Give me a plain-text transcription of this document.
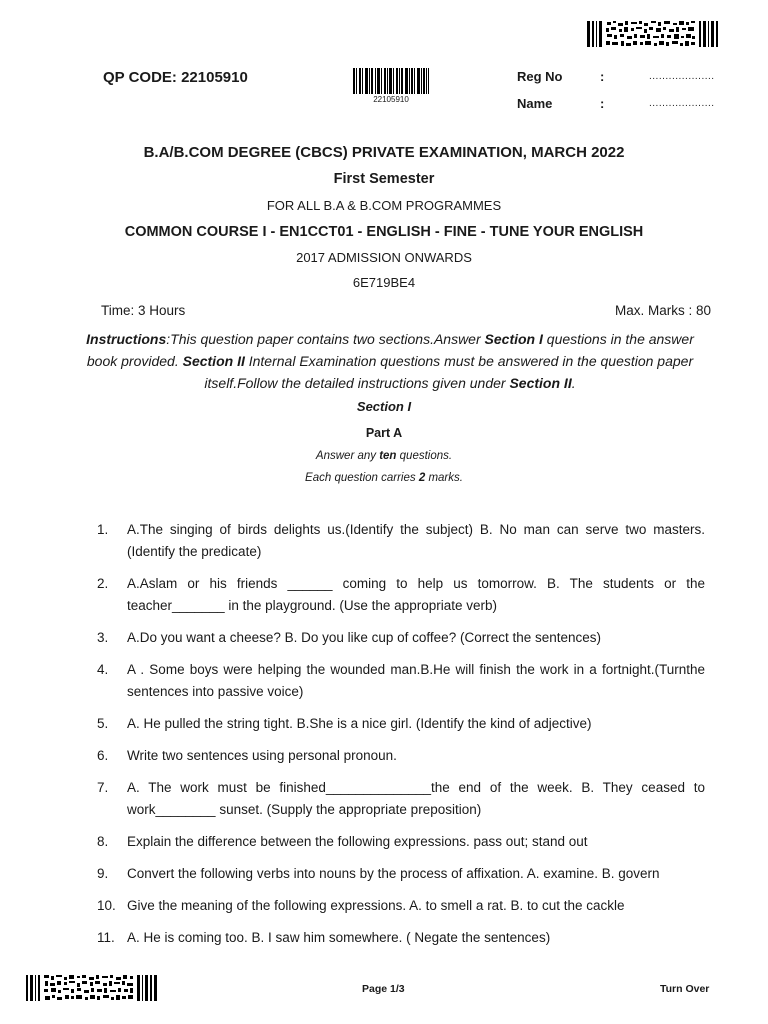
QP CODE: 22105910
22105910
Reg No	:	....................
Name	:	....................
B.A/B.COM DEGREE (CBCS) PRIVATE EXAMINATION, MARCH 2022
First Semester
FOR ALL B.A & B.COM PROGRAMMES
COMMON COURSE I - EN1CCT01 - ENGLISH - FINE - TUNE YOUR ENGLISH
2017 ADMISSION ONWARDS
6E719BE4
Time: 3 Hours	Max. Marks : 80
Instructions:This question paper contains two sections.Answer Section I questions in the answer book provided. Section II Internal Examination questions must be answered in the question paper itself.Follow the detailed instructions given under Section II.
Section I
Part A
Answer any ten questions.
Each question carries 2 marks.
1. A.The singing of birds delights us.(Identify the subject) B. No man can serve two masters.(Identify the predicate)
2. A.Aslam or his friends ______ coming to help us tomorrow. B. The students or the teacher_______ in the playground. (Use the appropriate verb)
3. A.Do you want a cheese? B. Do you like cup of coffee? (Correct the sentences)
4. A . Some boys were helping the wounded man.B.He will finish the work in a fortnight.(Turnthe sentences into passive voice)
5. A. He pulled the string tight. B.She is a nice girl. (Identify the kind of adjective)
6. Write two sentences using personal pronoun.
7. A. The work must be finished______________the end of the week. B. They ceased to work________ sunset. (Supply the appropriate preposition)
8. Explain the difference between the following expressions. pass out; stand out
9. Convert the following verbs into nouns by the process of affixation. A. examine. B. govern
10. Give the meaning of the following expressions. A. to smell a rat. B. to cut the cackle
11. A. He is coming too. B. I saw him somewhere. ( Negate the sentences)
Page 1/3	Turn Over
